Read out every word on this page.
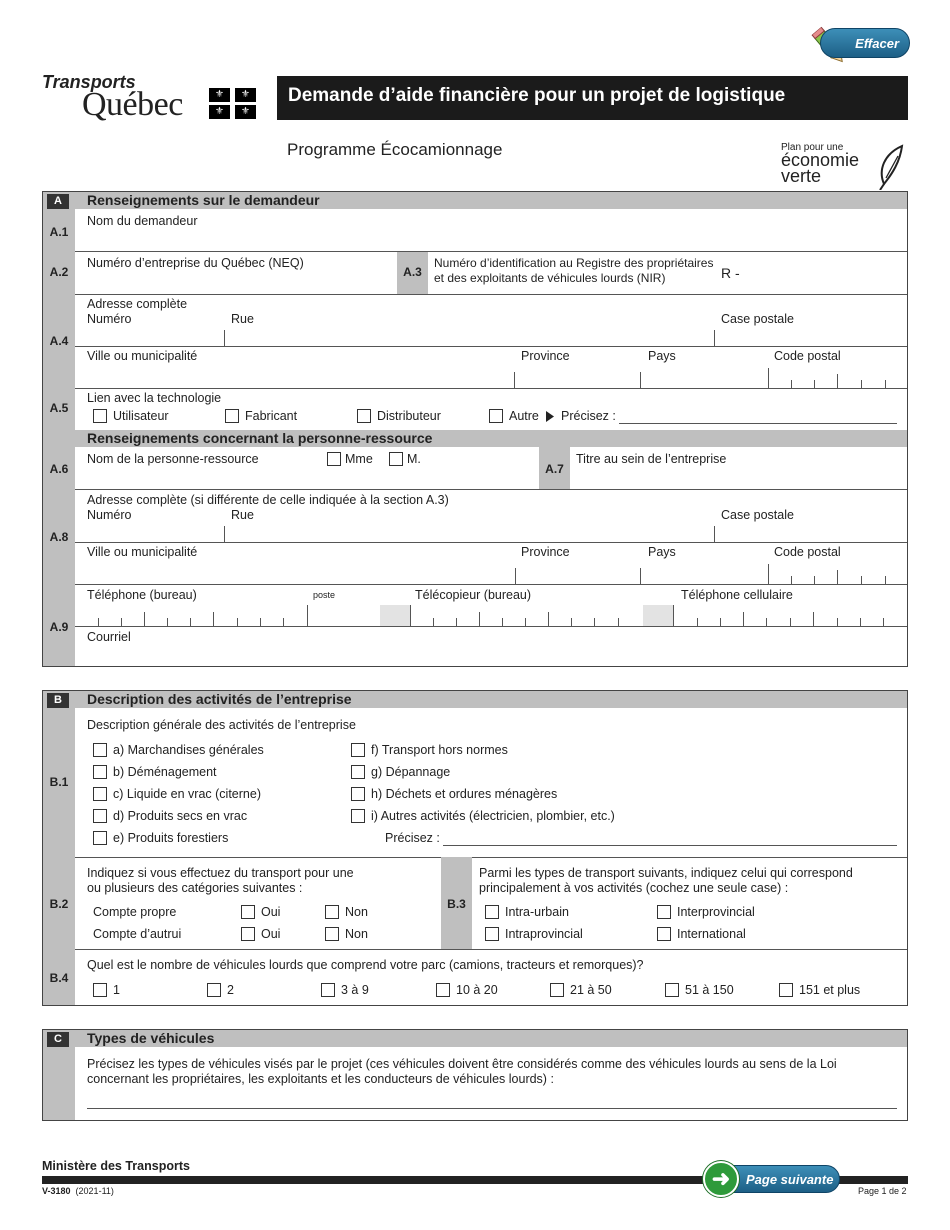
Effacer
Transports
Québec	⚜	⚜
⚜	⚜
Demande d’aide financière pour un projet de logistique
Programme Écocamionnage	Plan pour une
économie
verte
A	Renseignements sur le demandeur
A.1
Nom du demandeur
A.2
Numéro d’entreprise du Québec (NEQ)
A.3
Numéro d’identification au Registre des propriétaires
et des exploitants de véhicules lourds (NIR)	R -
A.4
Adresse complète
Numéro	Rue	Case postale
Ville ou municipalité	Province	Pays	Code postal
A.5
Lien avec la technologie
Utilisateur	Fabricant	Distributeur	Autre Précisez :
Renseignements concernant la personne-ressource
A.6
Nom de la personne-ressource	Mme	M.
A.7
Titre au sein de l’entreprise
A.8
Adresse complète (si différente de celle indiquée à la section A.3)
Numéro	Rue	Case postale
Ville ou municipalité	Province	Pays	Code postal
A.9
Téléphone (bureau)	poste	Télécopieur (bureau)	Téléphone cellulaire
Courriel
B	Description des activités de l’entreprise
B.1
Description générale des activités de l’entreprise
a) Marchandises générales
b) Déménagement
c) Liquide en vrac (citerne)
d) Produits secs en vrac
e) Produits forestiers
f) Transport hors normes
g) Dépannage
h) Déchets et ordures ménagères
i) Autres activités (électricien, plombier, etc.)
Précisez :
B.2
Indiquez si vous effectuez du transport pour une
ou plusieurs des catégories suivantes :
Compte propre	Oui	Non
Compte d’autrui	Oui	Non
B.3
Parmi les types de transport suivants, indiquez celui qui correspond
principalement à vos activités (cochez une seule case) :
Intra-urbain	Interprovincial
Intraprovincial	International
B.4
Quel est le nombre de véhicules lourds que comprend votre parc (camions, tracteurs et remorques)?
1	2	3 à 9	10 à 20	21 à 50	51 à 150	151 et plus
C	Types de véhicules
Précisez les types de véhicules visés par le projet (ces véhicules doivent être considérés comme des véhicules lourds au sens de la Loi
concernant les propriétaires, les exploitants et les conducteurs de véhicules lourds) :
Ministère des Transports
V-3180 (2021-11)
Page suivante
➜	Page 1 de 2
